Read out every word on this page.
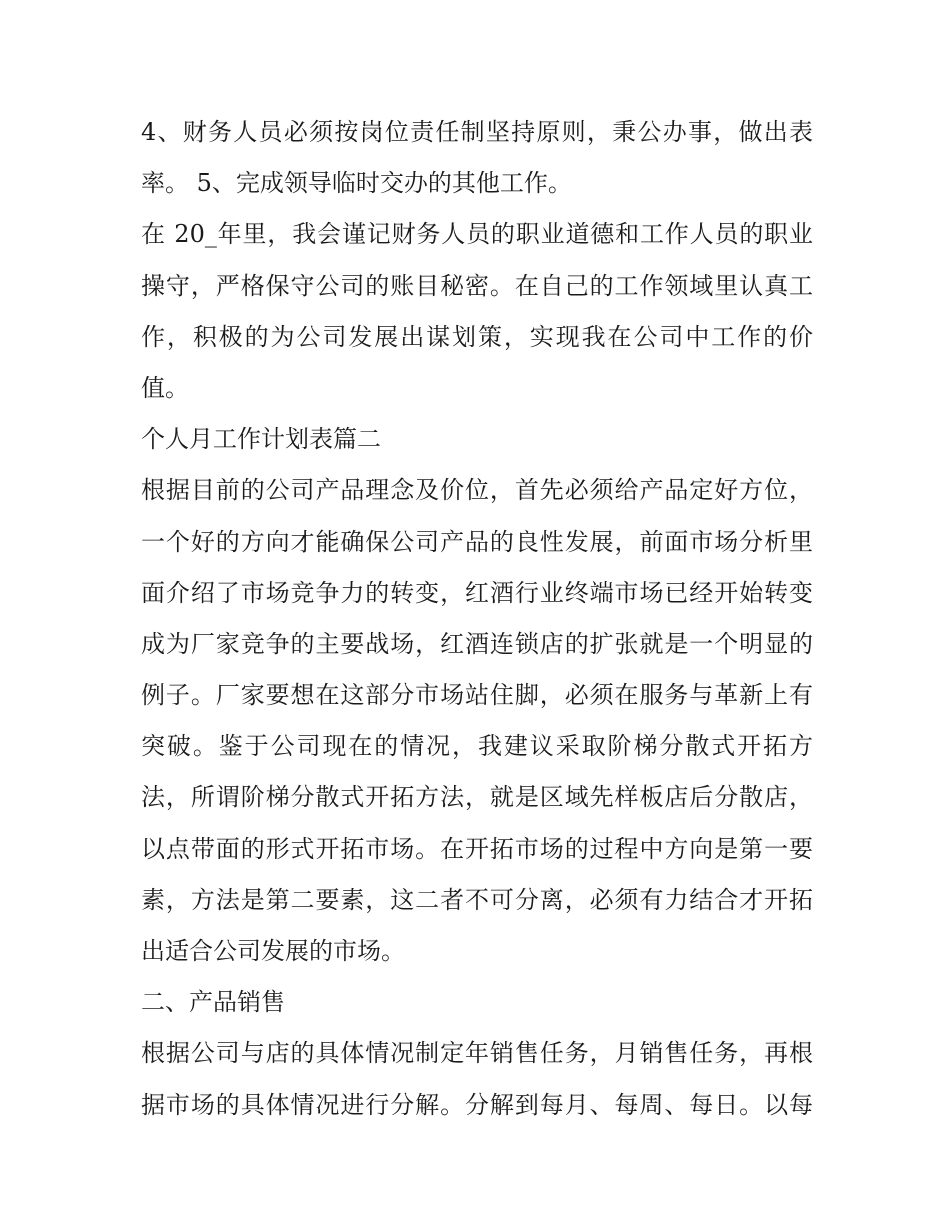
4、财务人员必须按岗位责任制坚持原则，秉公办事，做出表
率。 5、完成领导临时交办的其他工作。
在 20_年里，我会谨记财务人员的职业道德和工作人员的职业
操守，严格保守公司的账目秘密。在自己的工作领域里认真工
作，积极的为公司发展出谋划策，实现我在公司中工作的价
值。
个人月工作计划表篇二
根据目前的公司产品理念及价位，首先必须给产品定好方位，
一个好的方向才能确保公司产品的良性发展，前面市场分析里
面介绍了市场竞争力的转变，红酒行业终端市场已经开始转变
成为厂家竞争的主要战场，红酒连锁店的扩张就是一个明显的
例子。厂家要想在这部分市场站住脚，必须在服务与革新上有
突破。鉴于公司现在的情况，我建议采取阶梯分散式开拓方
法，所谓阶梯分散式开拓方法，就是区域先样板店后分散店，
以点带面的形式开拓市场。在开拓市场的过程中方向是第一要
素，方法是第二要素，这二者不可分离，必须有力结合才开拓
出适合公司发展的市场。
二、产品销售
根据公司与店的具体情况制定年销售任务，月销售任务，再根
据市场的具体情况进行分解。分解到每月、每周、每日。以每
